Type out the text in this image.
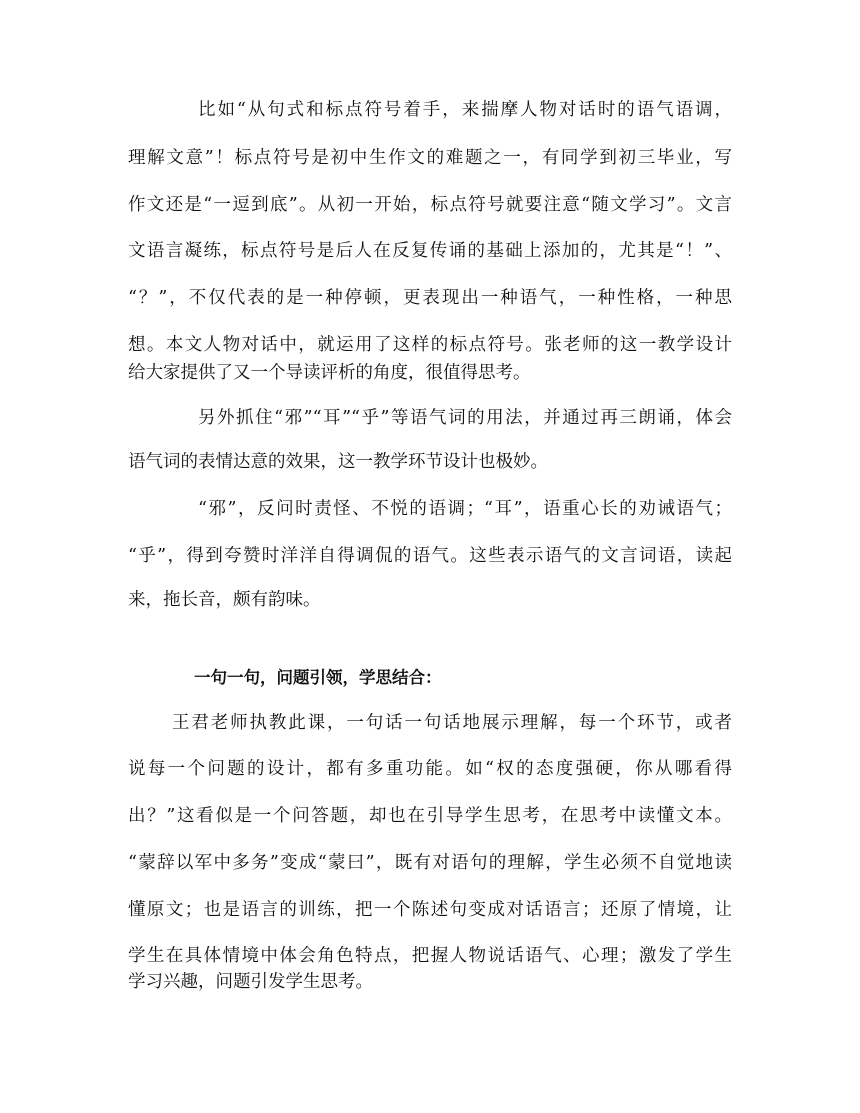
比如“从句式和标点符号着手，来揣摩人物对话时的语气语调，
理解文意”！标点符号是初中生作文的难题之一，有同学到初三毕业，写
作文还是“一逗到底”。从初一开始，标点符号就要注意“随文学习”。文言
文语言凝练，标点符号是后人在反复传诵的基础上添加的，尤其是“！”、
“？”，不仅代表的是一种停顿，更表现出一种语气，一种性格，一种思
想。本文人物对话中，就运用了这样的标点符号。张老师的这一教学设计
给大家提供了又一个导读评析的角度，很值得思考。
另外抓住“邪”“耳”“乎”等语气词的用法，并通过再三朗诵，体会
语气词的表情达意的效果，这一教学环节设计也极妙。
“邪”，反问时责怪、不悦的语调；“耳”，语重心长的劝诫语气；
“乎”，得到夸赞时洋洋自得调侃的语气。这些表示语气的文言词语，读起
来，拖长音，颇有韵味。
一句一句，问题引领，学思结合：
王君老师执教此课，一句话一句话地展示理解，每一个环节，或者
说每一个问题的设计，都有多重功能。如“权的态度强硬，你从哪看得
出？”这看似是一个问答题，却也在引导学生思考，在思考中读懂文本。
“蒙辞以军中多务”变成“蒙曰”，既有对语句的理解，学生必须不自觉地读
懂原文；也是语言的训练，把一个陈述句变成对话语言；还原了情境，让
学生在具体情境中体会角色特点，把握人物说话语气、心理；激发了学生
学习兴趣，问题引发学生思考。
